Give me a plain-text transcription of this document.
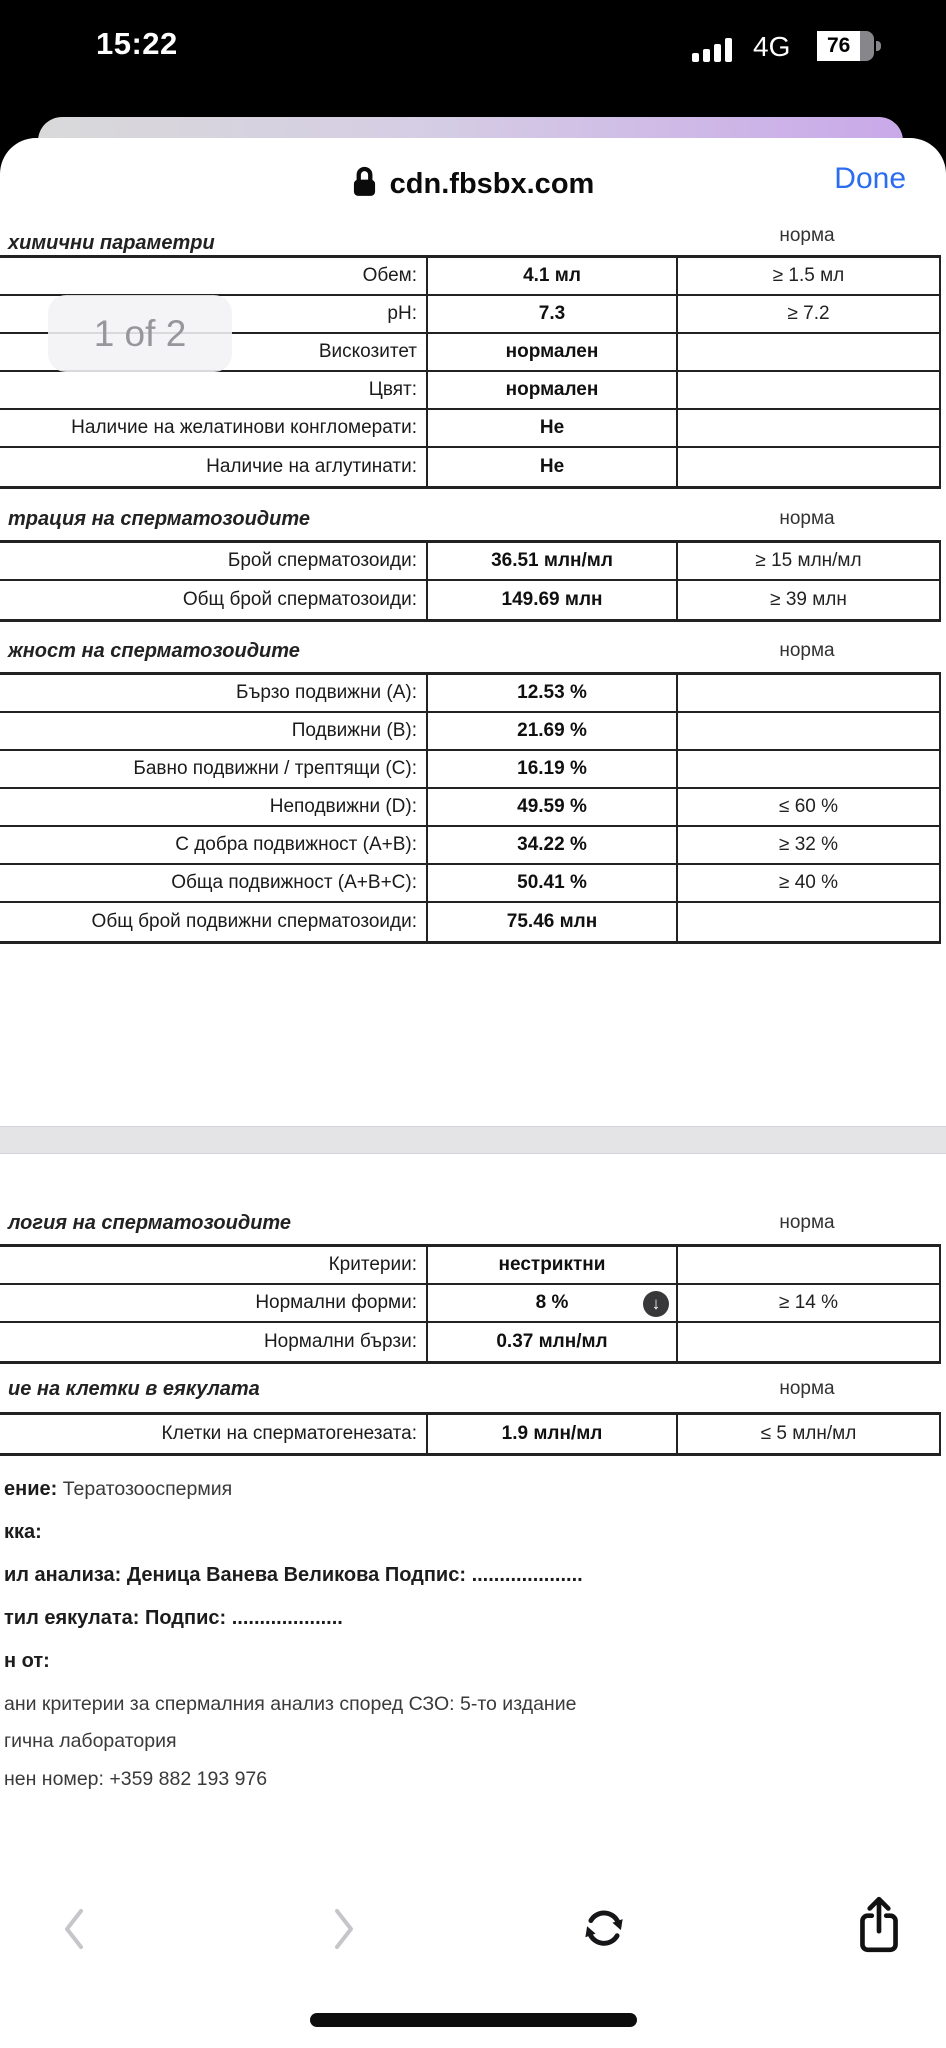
15:22	4G	76
cdn.fbsbx.com	Done
химични параметри	норма
Обем:	4.1 мл	≥ 1.5 мл
pH:	7.3	≥ 7.2
Вискозитет	нормален
Цвят:	нормален
Наличие на желатинови конгломерати:	Не
Наличие на аглутинати:	Не
1 of 2
трация на сперматозоидите	норма
Брой сперматозоиди:	36.51 млн/мл	≥ 15 млн/мл
Общ брой сперматозоиди:	149.69 млн	≥ 39 млн
жност на сперматозоидите	норма
Бързо подвижни (А):	12.53 %
Подвижни (В):	21.69 %
Бавно подвижни / трептящи (С):	16.19 %
Неподвижни (D):	49.59 %	≤ 60 %
С добра подвижност (А+В):	34.22 %	≥ 32 %
Обща подвижност (А+В+С):	50.41 %	≥ 40 %
Общ брой подвижни сперматозоиди:	75.46 млн
логия на сперматозоидите	норма
Критерии:	нестриктни
Нормални форми:	8 %	↓	≥ 14 %
Нормални бързи:	0.37 млн/мл
ие на клетки в еякулата	норма
Клетки на сперматогенезата:	1.9 млн/мл	≤ 5 млн/мл
ение: Тератозооспермия
кка:
ил анализа: Деница Ванева Великова Подпис: ....................
тил еякулата: Подпис: ....................
н от:
ани критерии за спермалния анализ според СЗО: 5-то издание
гична лаборатория
нен номер: +359 882 193 976
